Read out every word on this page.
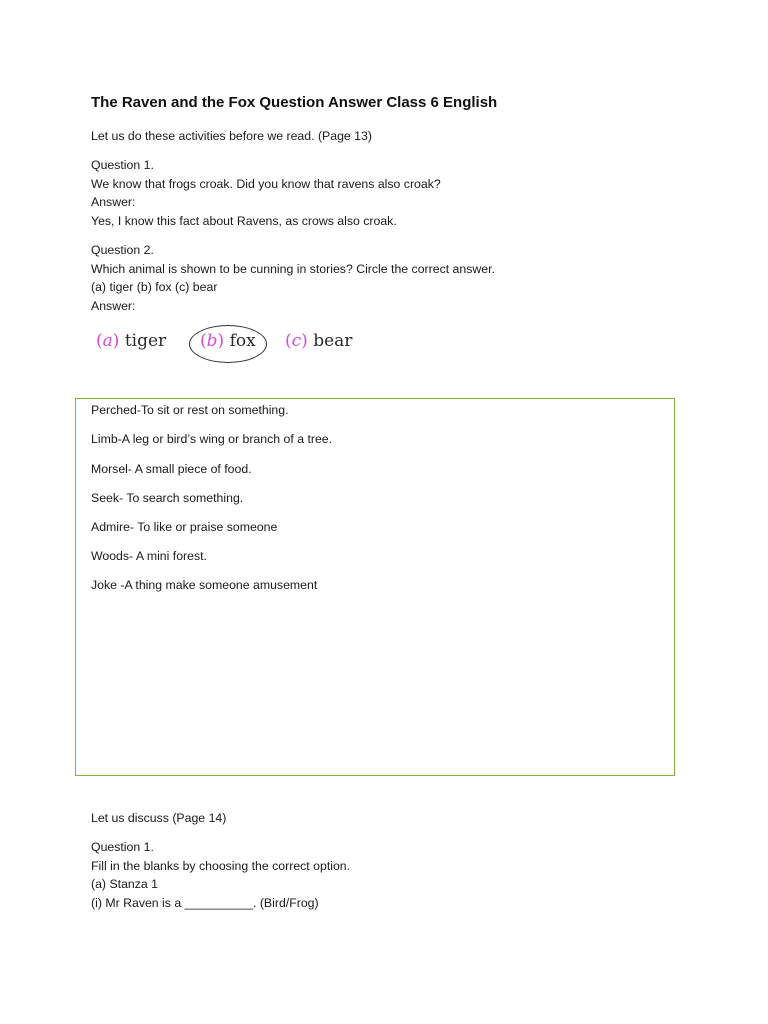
The Raven and the Fox Question Answer Class 6 English
Let us do these activities before we read. (Page 13)
Question 1.
We know that frogs croak. Did you know that ravens also croak?
Answer:
Yes, I know this fact about Ravens, as crows also croak.
Question 2.
Which animal is shown to be cunning in stories? Circle the correct answer.
(a) tiger (b) fox (c) bear
Answer:
(a) tiger (b) fox (c) bear
Perched-To sit or rest on something.
Limb-A leg or bird’s wing or branch of a tree.
Morsel- A small piece of food.
Seek- To search something.
Admire- To like or praise someone
Woods- A mini forest.
Joke -A thing make someone amusement
Let us discuss (Page 14)
Question 1.
Fill in the blanks by choosing the correct option.
(a) Stanza 1
(i) Mr Raven is a __________. (Bird/Frog)
